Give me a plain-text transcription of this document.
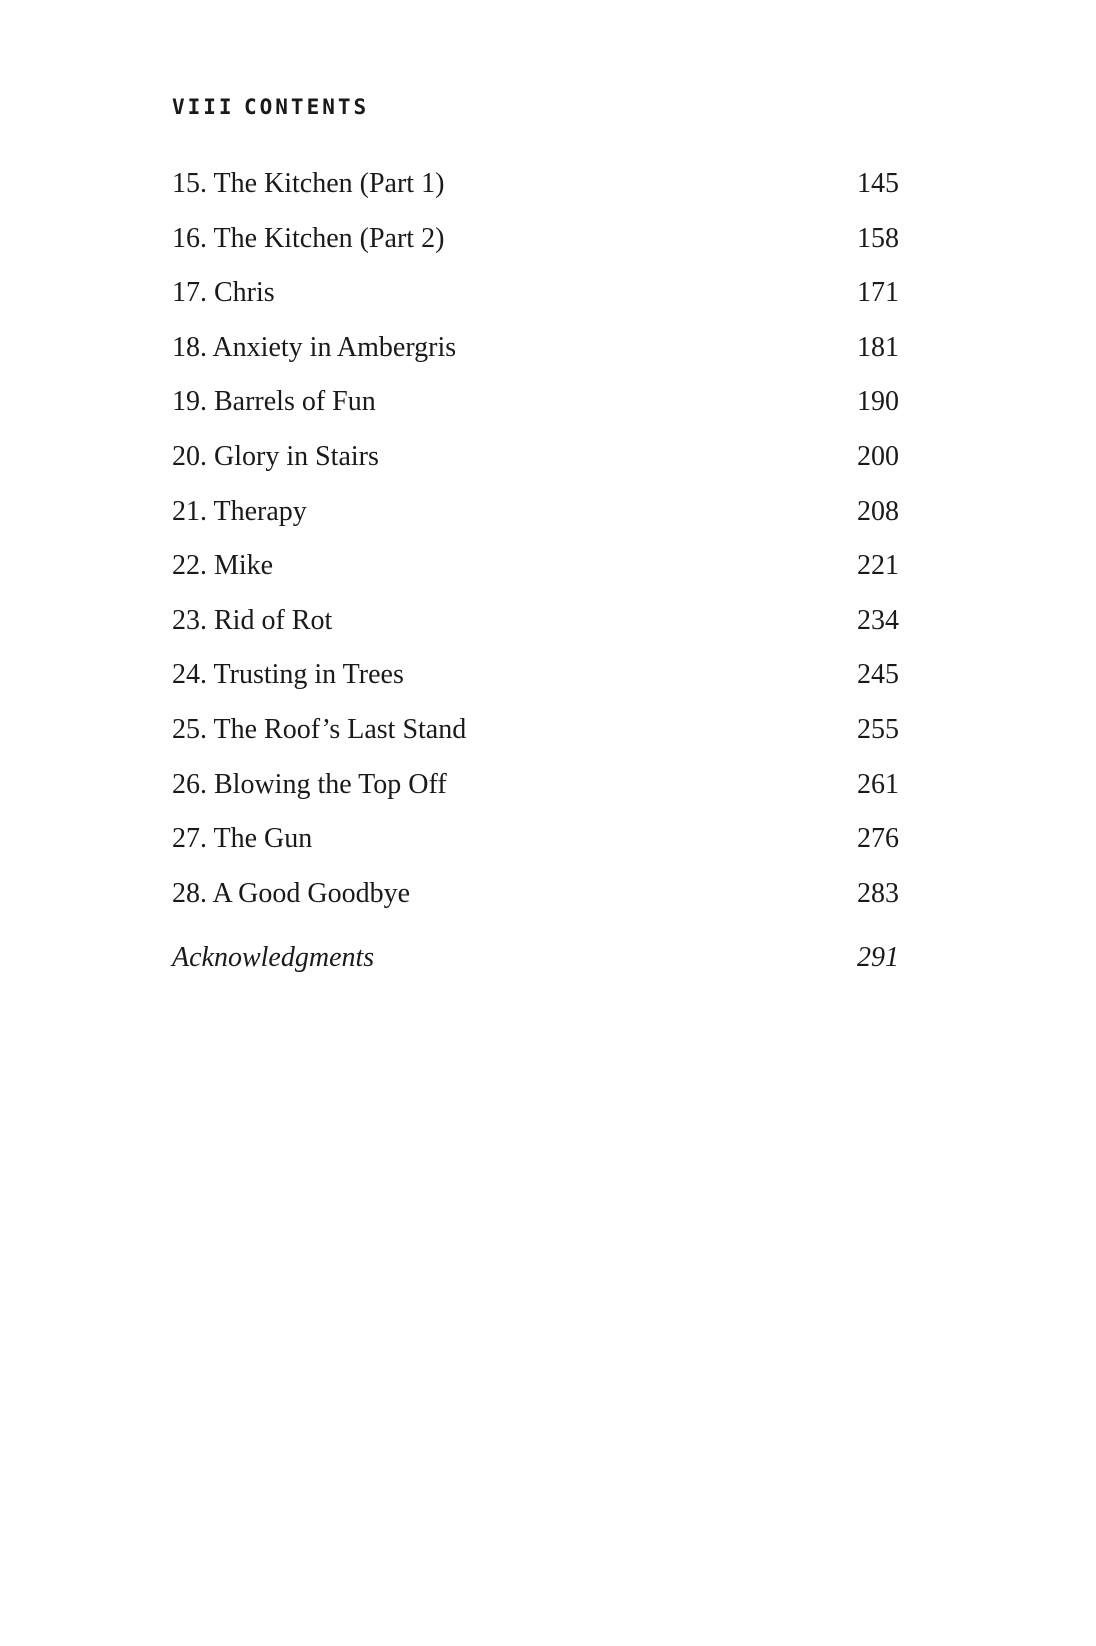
VIII CONTENTS
15. The Kitchen (Part 1)	145
16. The Kitchen (Part 2)	158
17. Chris	171
18. Anxiety in Ambergris	181
19. Barrels of Fun	190
20. Glory in Stairs	200
21. Therapy	208
22. Mike	221
23. Rid of Rot	234
24. Trusting in Trees	245
25. The Roof’s Last Stand	255
26. Blowing the Top Off	261
27. The Gun	276
28. A Good Goodbye	283
Acknowledgments	291
